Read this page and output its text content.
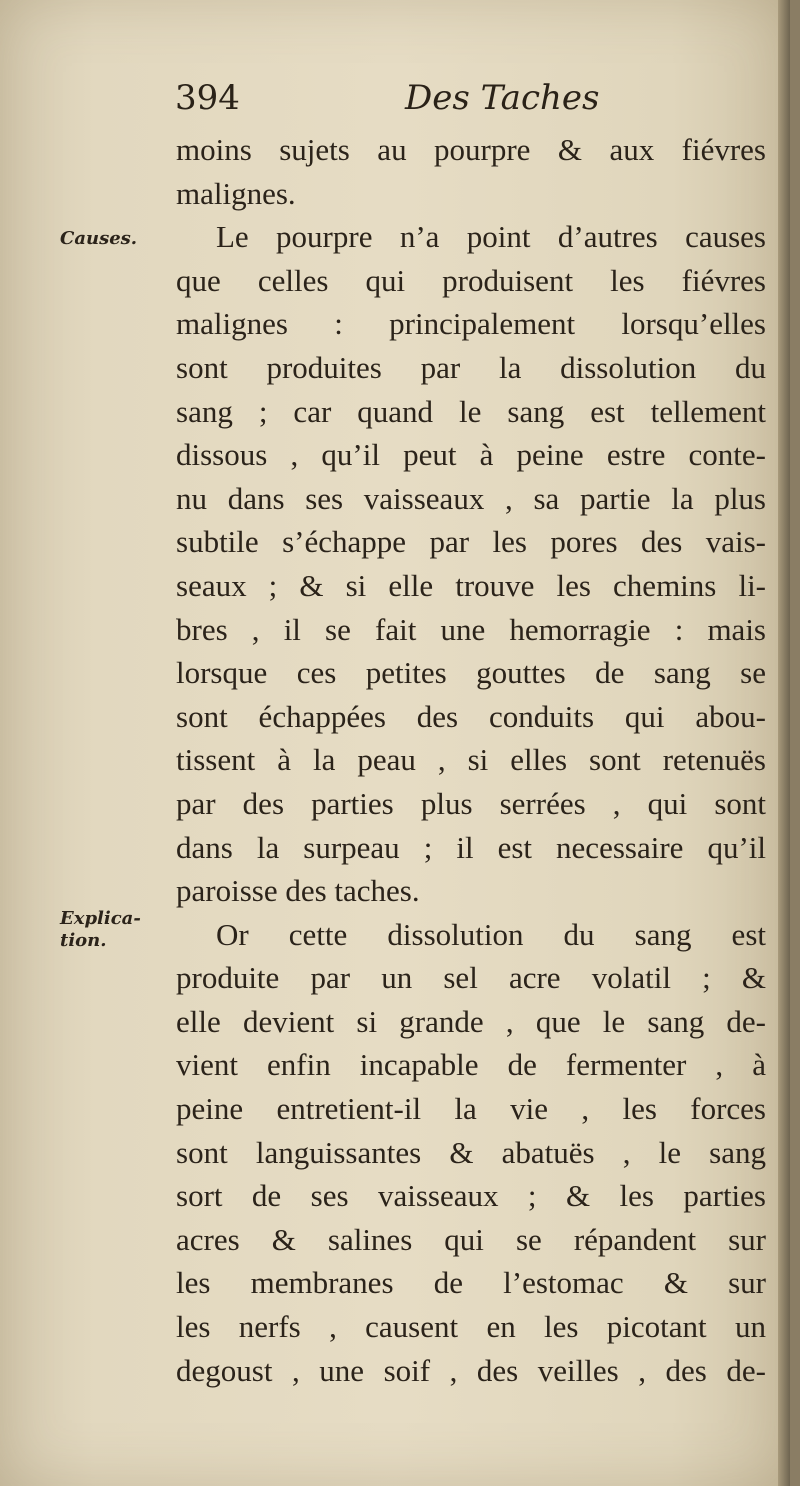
394	Des Taches
Causes.
Explica-
tion.
moins sujets au pourpre & aux fiévres
malignes.
Le pourpre n’a point d’autres causes
que celles qui produisent les fiévres
malignes : principalement lorsqu’elles
sont produites par la dissolution du
sang ; car quand le sang est tellement
dissous , qu’il peut à peine estre conte-
nu dans ses vaisseaux , sa partie la plus
subtile s’échappe par les pores des vais-
seaux ; & si elle trouve les chemins li-
bres , il se fait une hemorragie : mais
lorsque ces petites gouttes de sang se
sont échappées des conduits qui abou-
tissent à la peau , si elles sont retenuës
par des parties plus serrées , qui sont
dans la surpeau ; il est necessaire qu’il
paroisse des taches.
Or cette dissolution du sang est
produite par un sel acre volatil ; &
elle devient si grande , que le sang de-
vient enfin incapable de fermenter , à
peine entretient-il la vie , les forces
sont languissantes & abatuës , le sang
sort de ses vaisseaux ; & les parties
acres & salines qui se répandent sur
les membranes de l’estomac & sur
les nerfs , causent en les picotant un
degoust , une soif , des veilles , des de-
